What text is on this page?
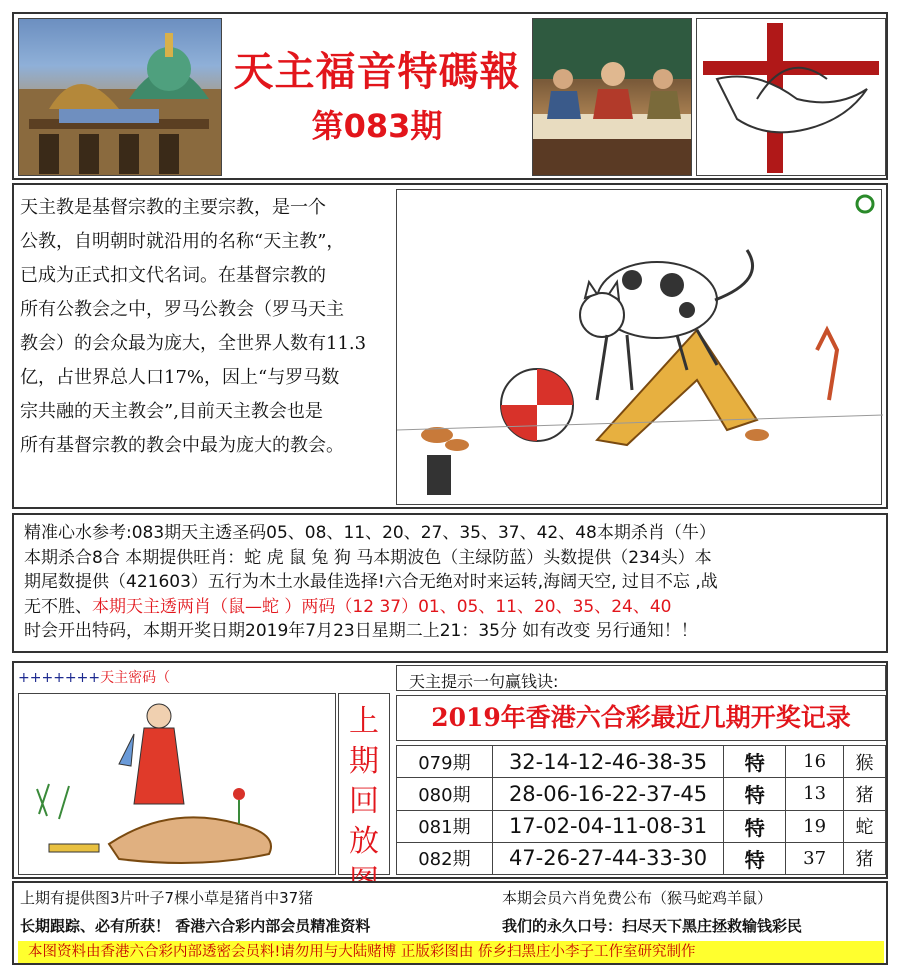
天主福音特碼報
第083期
天主教是基督宗教的主要宗教，是一个
公教，自明朝时就沿用的名称“天主教”，
已成为正式扣文代名词。在基督宗教的
所有公教会之中，罗马公教会（罗马天主
教会）的会众最为庞大，全世界人数有11.3
亿，占世界总人口17%，因上“与罗马数
宗共融的天主教会”,目前天主教会也是
所有基督宗教的教会中最为庞大的教会。
精准心水参考:083期天主透圣码05、08、11、20、27、35、37、42、48本期杀肖（牛）
本期杀合8合 本期提供旺肖：蛇 虎 鼠 兔 狗 马本期波色（主绿防蓝）头数提供（234头）本
期尾数提供（421603）五行为木土水最佳选择!六合无绝对时来运转,海阔天空, 过目不忘 ,战
无不胜、本期天主透两肖（鼠—蛇 ）两码（12 37）01、05、11、20、35、24、40
时会开出特码，本期开奖日期2019年7月23日星期二上21：35分 如有改变 另行通知！！
+++++++天主密码（
上
期
回
放
天主提示一句赢钱诀:
2019年香港六合彩最近几期开奖记录
079期	32-14-12-46-38-35	特	16	猴
080期	28-06-16-22-37-45	特	13	猪
081期	17-02-04-11-08-31	特	19	蛇
082期	47-26-27-44-33-30	特	37	猪
上期有提供图3片叶子7棵小草是猪肖中37猪	本期会员六肖免费公布（猴马蛇鸡羊鼠）
长期跟踪、必有所获！ 香港六合彩内部会员精准资料	我们的永久口号：扫尽天下黑庄拯救输钱彩民
本图资料由香港六合彩内部透密会员料!请勿用与大陆赌博 正版彩图由 侨乡扫黑庄小李子工作室研究制作
